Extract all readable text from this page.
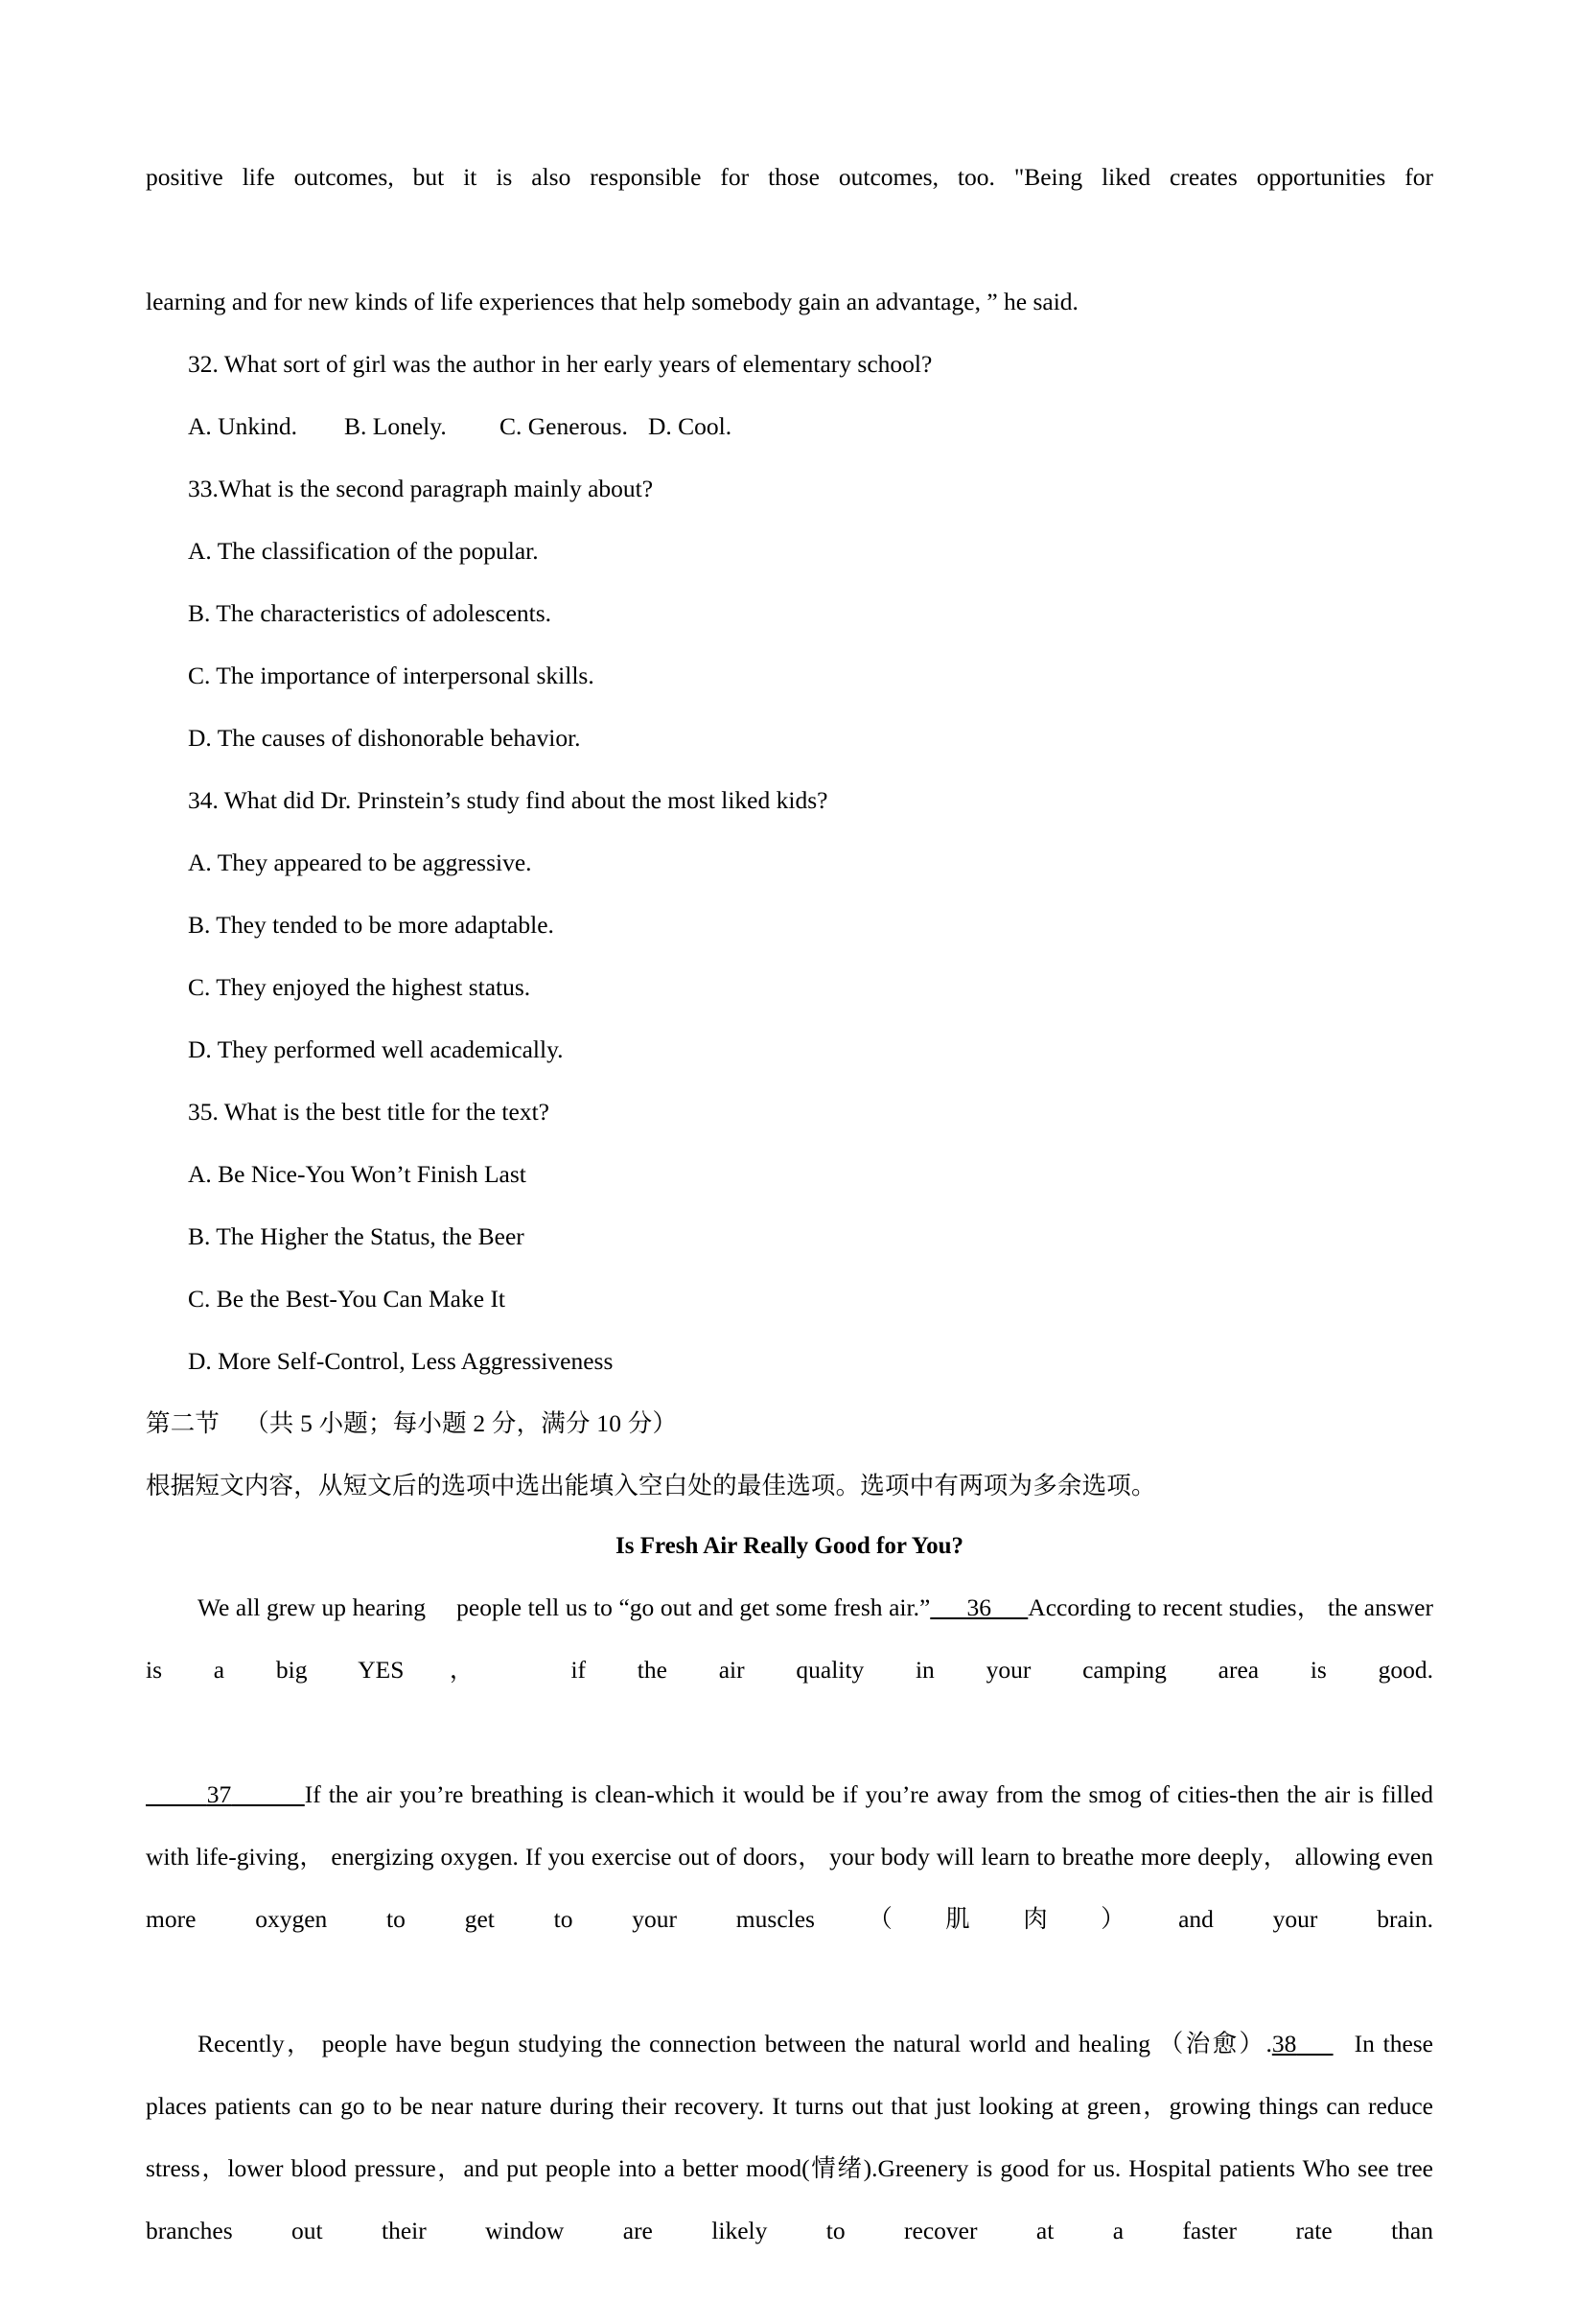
positive life outcomes, but it is also responsible for those outcomes, too. "Being liked creates opportunities for

learning and for new kinds of life experiences that help somebody gain an advantage, ” he said.

32. What sort of girl was the author in her early years of elementary school?

A. Unkind. B. Lonely. C. Generous. D. Cool.

33.What is the second paragraph mainly about?

A. The classification of the popular.

B. The characteristics of adolescents.

C. The importance of interpersonal skills.

D. The causes of dishonorable behavior.

34. What did Dr. Prinstein’s study find about the most liked kids?

A. They appeared to be aggressive.

B. They tended to be more adaptable.

C. They enjoyed the highest status.

D. They performed well academically.

35. What is the best title for the text?

A. Be Nice-You Won’t Finish Last

B. The Higher the Status, the Beer

C. Be the Best-You Can Make It

D. More Self-Control, Less Aggressiveness

第二节 （共 5 小题；每小题 2 分，满分 10 分）

根据短文内容，从短文后的选项中选出能填入空白处的最佳选项。选项中有两项为多余选项。

Is Fresh Air Really Good for You?

We all grew up hearing  people tell us to “go out and get some fresh air.”   36   According to recent studies， the answer is a big YES， if the air quality in your camping area is good.

   37   	If the air you’re breathing is clean-which it would be if you’re away from the smog of cities-then the air is filled with life-giving， energizing oxygen. If you exercise out of doors， your body will learn to breathe more deeply， allowing even more oxygen to get to your muscles（肌肉）and your brain.

Recently， people have begun studying the connection between the natural world and healing （治愈）.38   In these places patients can go to be near nature during their recovery. It turns out that just looking at green，growing things can reduce stress，lower blood pressure，and put people into a better mood(情绪).Greenery is good for us. Hospital patients Who see tree branches out their window are likely to recover at a faster rate than
